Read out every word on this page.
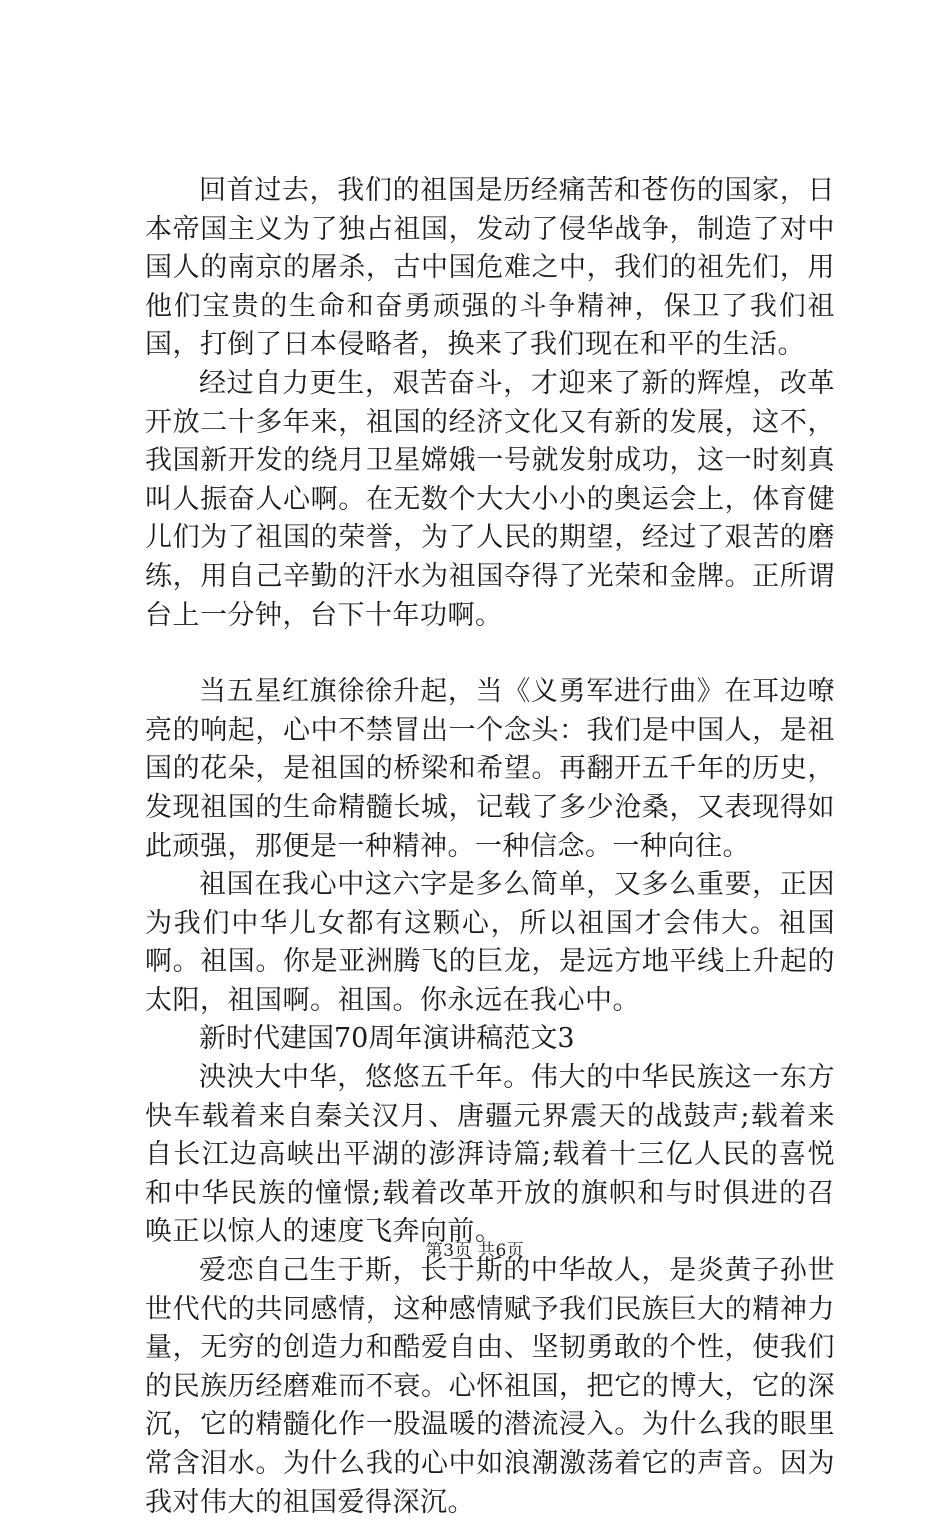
回首过去，我们的祖国是历经痛苦和苍伤的国家，日本帝国主义为了独占祖国，发动了侵华战争，制造了对中国人的南京的屠杀，古中国危难之中，我们的祖先们，用他们宝贵的生命和奋勇顽强的斗争精神，保卫了我们祖国，打倒了日本侵略者，换来了我们现在和平的生活。

经过自力更生，艰苦奋斗，才迎来了新的辉煌，改革开放二十多年来，祖国的经济文化又有新的发展，这不，我国新开发的绕月卫星嫦娥一号就发射成功，这一时刻真叫人振奋人心啊。在无数个大大小小的奥运会上，体育健儿们为了祖国的荣誉，为了人民的期望，经过了艰苦的磨练，用自己辛勤的汗水为祖国夺得了光荣和金牌。正所谓台上一分钟，台下十年功啊。

当五星红旗徐徐升起，当《义勇军进行曲》在耳边嘹亮的响起，心中不禁冒出一个念头：我们是中国人，是祖国的花朵，是祖国的桥梁和希望。再翻开五千年的历史，发现祖国的生命精髓长城，记载了多少沧桑，又表现得如此顽强，那便是一种精神。一种信念。一种向往。

祖国在我心中这六字是多么简单，又多么重要，正因为我们中华儿女都有这颗心，所以祖国才会伟大。祖国啊。祖国。你是亚洲腾飞的巨龙，是远方地平线上升起的太阳，祖国啊。祖国。你永远在我心中。

新时代建国70周年演讲稿范文3

泱泱大中华，悠悠五千年。伟大的中华民族这一东方快车载着来自秦关汉月、唐疆元界震天的战鼓声;载着来自长江边高峡出平湖的澎湃诗篇;载着十三亿人民的喜悦和中华民族的憧憬;载着改革开放的旗帜和与时俱进的召唤正以惊人的速度飞奔向前。

爱恋自己生于斯，长于斯的中华故人，是炎黄子孙世世代代的共同感情，这种感情赋予我们民族巨大的精神力量，无穷的创造力和酷爱自由、坚韧勇敢的个性，使我们的民族历经磨难而不衰。心怀祖国，把它的博大，它的深沉，它的精髓化作一股温暖的潜流浸入。为什么我的眼里常含泪水。为什么我的心中如浪潮激荡着它的声音。因为我对伟大的祖国爱得深沉。

第3页 共6页
